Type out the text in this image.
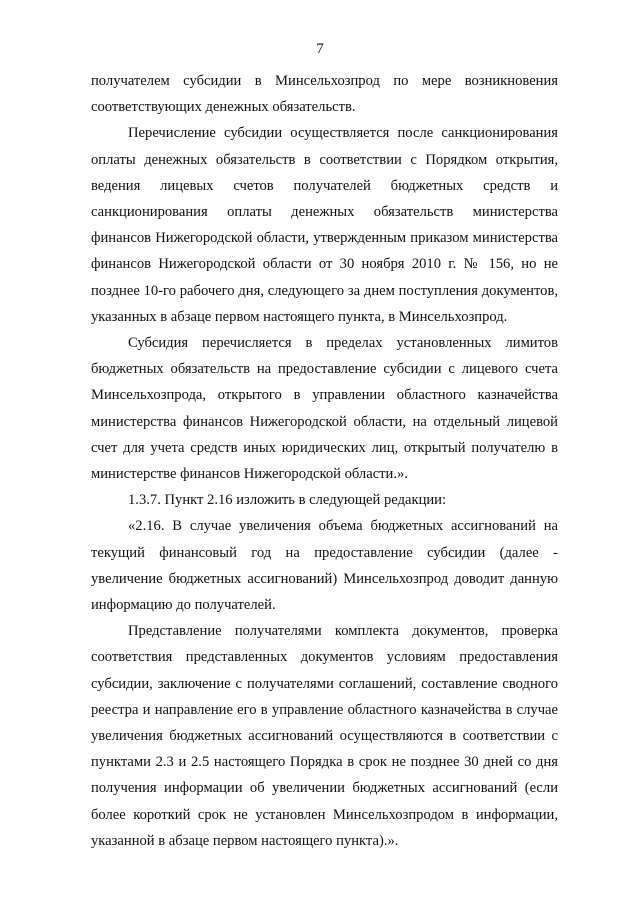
7

получателем субсидии в Минсельхозпрод по мере возникновения соответствующих денежных обязательств.

Перечисление субсидии осуществляется после санкционирования оплаты денежных обязательств в соответствии с Порядком открытия, ведения лицевых счетов получателей бюджетных средств и санкционирования оплаты денежных обязательств министерства финансов Нижегородской области, утвержденным приказом министерства финансов Нижегородской области от 30 ноября 2010 г. № 156, но не позднее 10-го рабочего дня, следующего за днем поступления документов, указанных в абзаце первом настоящего пункта, в Минсельхозпрод.

Субсидия перечисляется в пределах установленных лимитов бюджетных обязательств на предоставление субсидии с лицевого счета Минсельхозпрода, открытого в управлении областного казначейства министерства финансов Нижегородской области, на отдельный лицевой счет для учета средств иных юридических лиц, открытый получателю в министерстве финансов Нижегородской области.».

1.3.7. Пункт 2.16 изложить в следующей редакции:

«2.16. В случае увеличения объема бюджетных ассигнований на текущий финансовый год на предоставление субсидии (далее - увеличение бюджетных ассигнований) Минсельхозпрод доводит данную информацию до получателей.

Представление получателями комплекта документов, проверка соответствия представленных документов условиям предоставления субсидии, заключение с получателями соглашений, составление сводного реестра и направление его в управление областного казначейства в случае увеличения бюджетных ассигнований осуществляются в соответствии с пунктами 2.3 и 2.5 настоящего Порядка в срок не позднее 30 дней со дня получения информации об увеличении бюджетных ассигнований (если более короткий срок не установлен Минсельхозпродом в информации, указанной в абзаце первом настоящего пункта).».
